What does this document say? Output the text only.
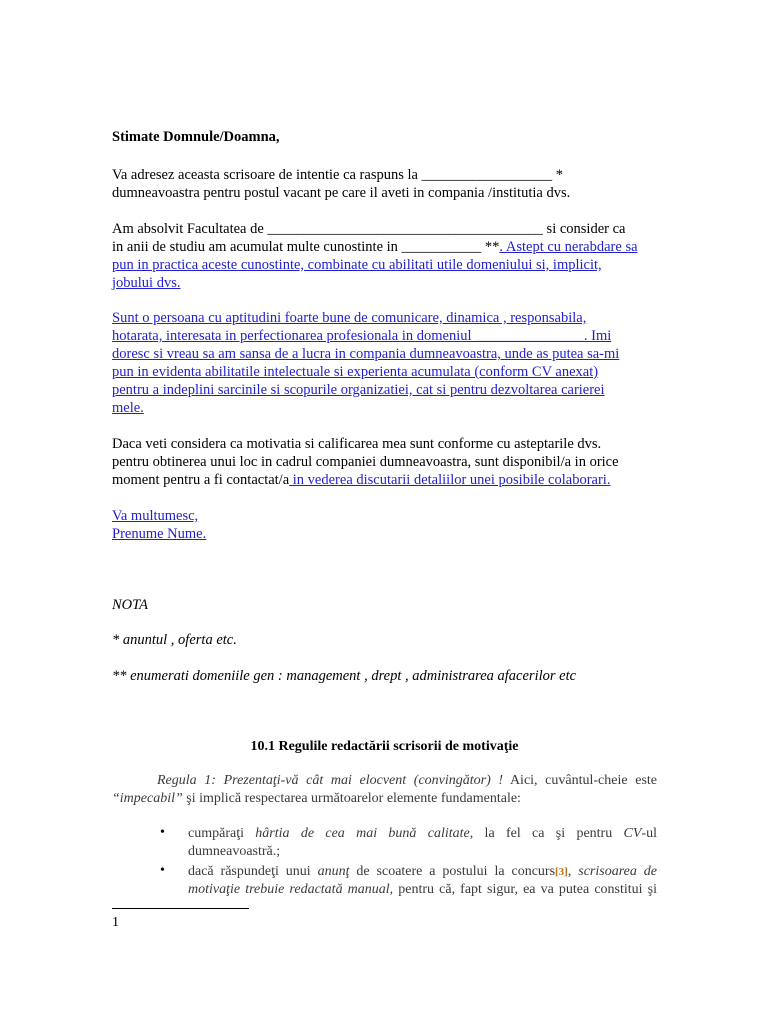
Stimate Domnule/Doamna,
Va adresez aceasta scrisoare de intentie ca raspuns la __________________ *
dumneavoastra pentru postul vacant pe care il aveti in compania /institutia dvs.
Am absolvit Facultatea de ______________________________________ si consider ca
in anii de studiu am acumulat multe cunostinte in ___________ **. Astept cu nerabdare sa
pun in practica aceste cunostinte, combinate cu abilitati utile domeniului si, implicit,
jobului dvs.
Sunt o persoana cu aptitudini foarte bune de comunicare, dinamica , responsabila,
hotarata, interesata in perfectionarea profesionala in domeniul _______________. Imi
doresc si vreau sa am sansa de a lucra in compania dumneavoastra, unde as putea sa-mi
pun in evidenta abilitatile intelectuale si experienta acumulata (conform CV anexat)
pentru a indeplini sarcinile si scopurile organizatiei, cat si pentru dezvoltarea carierei
mele.
Daca veti considera ca motivatia si calificarea mea sunt conforme cu asteptarile dvs.
pentru obtinerea unui loc in cadrul companiei dumneavoastra, sunt disponibil/a in orice
moment pentru a fi contactat/a in vederea discutarii detaliilor unei posibile colaborari.
Va multumesc,
Prenume Nume.
NOTA
* anuntul , oferta etc.
** enumerati domeniile gen : management , drept , administrarea afacerilor etc
10.1 Regulile redactării scrisorii de motivaţie
Regula 1: Prezentaţi-vă cât mai elocvent (convingător) ! Aici, cuvântul-cheie este
“impecabil” şi implică respectarea următoarelor elemente fundamentale:
•	cumpăraţi hârtia de cea mai bună calitate, la fel ca şi pentru CV-ul
dumneavoastră.;
•	dacă răspundeţi unui anunţ de scoatere a postului la concurs[3], scrisoarea de
motivaţie trebuie redactată manual, pentru că, fapt sigur, ea va putea constitui şi
1
